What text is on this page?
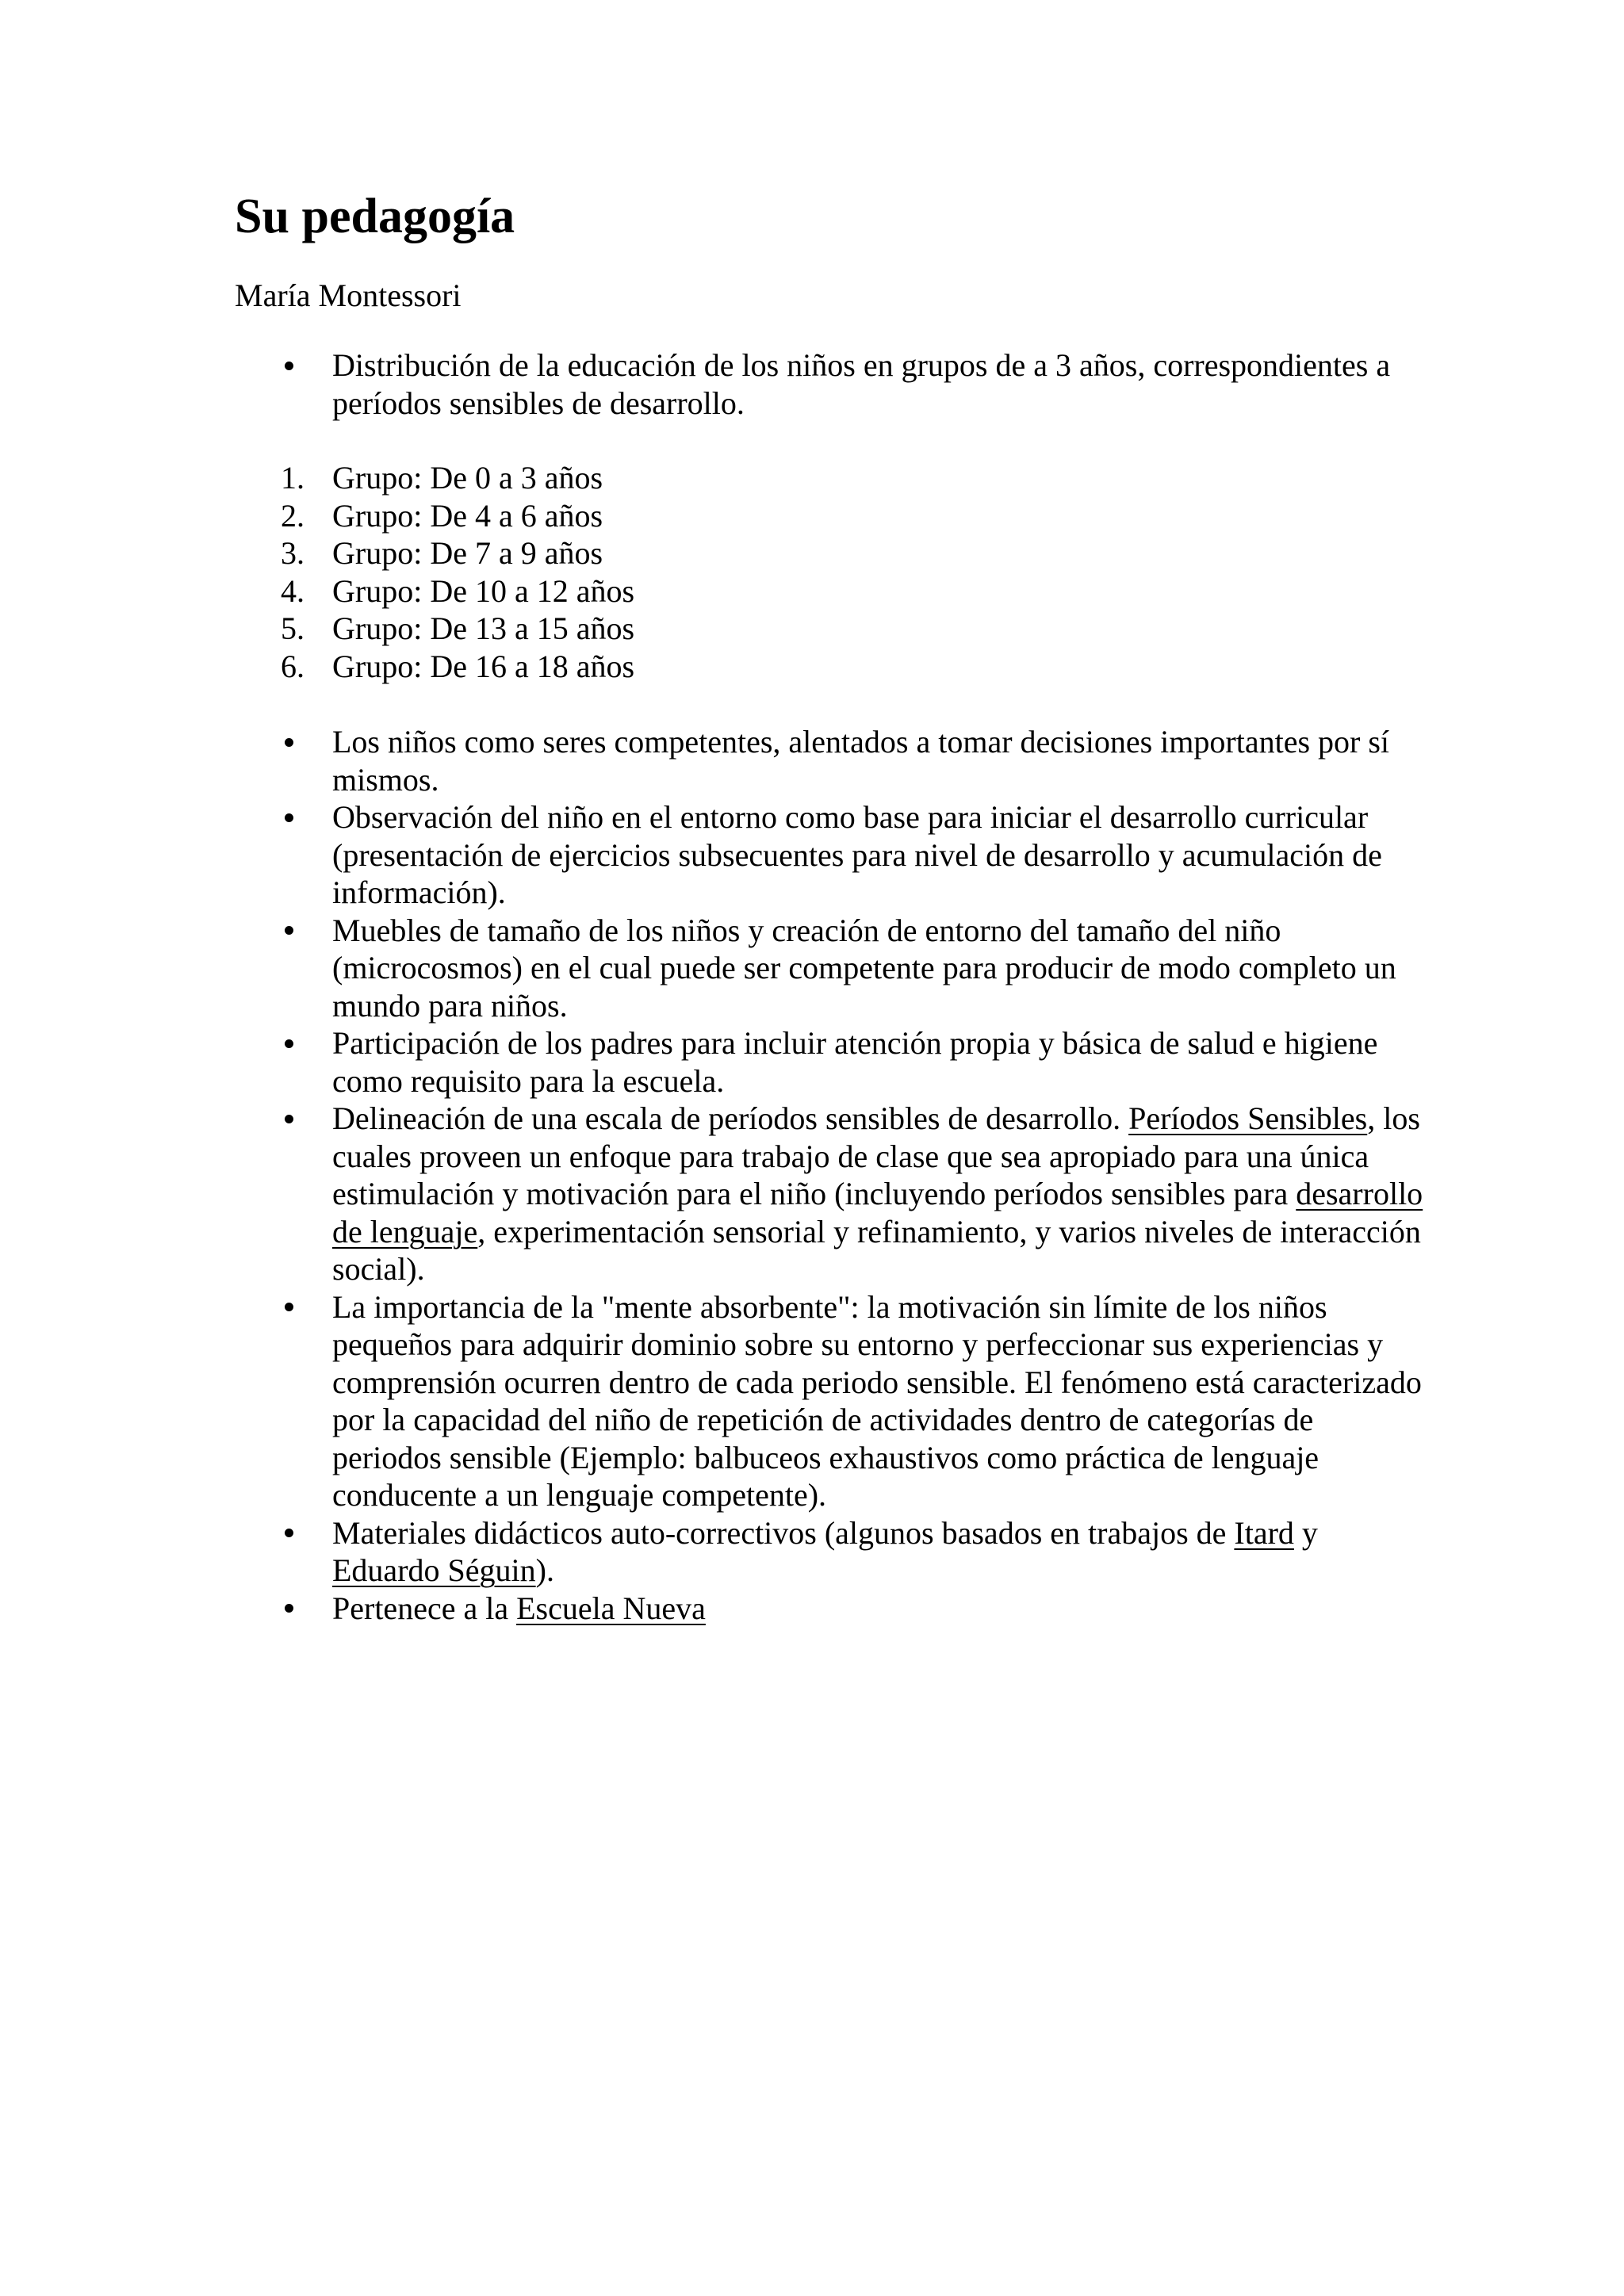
Su pedagogía

María Montessori

Distribución de la educación de los niños en grupos de a 3 años, correspondientes a períodos sensibles de desarrollo.
1. Grupo: De 0 a 3 años
2. Grupo: De 4 a 6 años
3. Grupo: De 7 a 9 años
4. Grupo: De 10 a 12 años
5. Grupo: De 13 a 15 años
6. Grupo: De 16 a 18 años
Los niños como seres competentes, alentados a tomar decisiones importantes por sí mismos.
Observación del niño en el entorno como base para iniciar el desarrollo curricular (presentación de ejercicios subsecuentes para nivel de desarrollo y acumulación de información).
Muebles de tamaño de los niños y creación de entorno del tamaño del niño (microcosmos) en el cual puede ser competente para producir de modo completo un mundo para niños.
Participación de los padres para incluir atención propia y básica de salud e higiene como requisito para la escuela.
Delineación de una escala de períodos sensibles de desarrollo. Períodos Sensibles, los cuales proveen un enfoque para trabajo de clase que sea apropiado para una única estimulación y motivación para el niño (incluyendo períodos sensibles para desarrollo de lenguaje, experimentación sensorial y refinamiento, y varios niveles de interacción social).
La importancia de la "mente absorbente": la motivación sin límite de los niños pequeños para adquirir dominio sobre su entorno y perfeccionar sus experiencias y comprensión ocurren dentro de cada periodo sensible. El fenómeno está caracterizado por la capacidad del niño de repetición de actividades dentro de categorías de periodos sensible (Ejemplo: balbuceos exhaustivos como práctica de lenguaje conducente a un lenguaje competente).
Materiales didácticos auto-correctivos (algunos basados en trabajos de Itard y Eduardo Séguin).
Pertenece a la Escuela Nueva
